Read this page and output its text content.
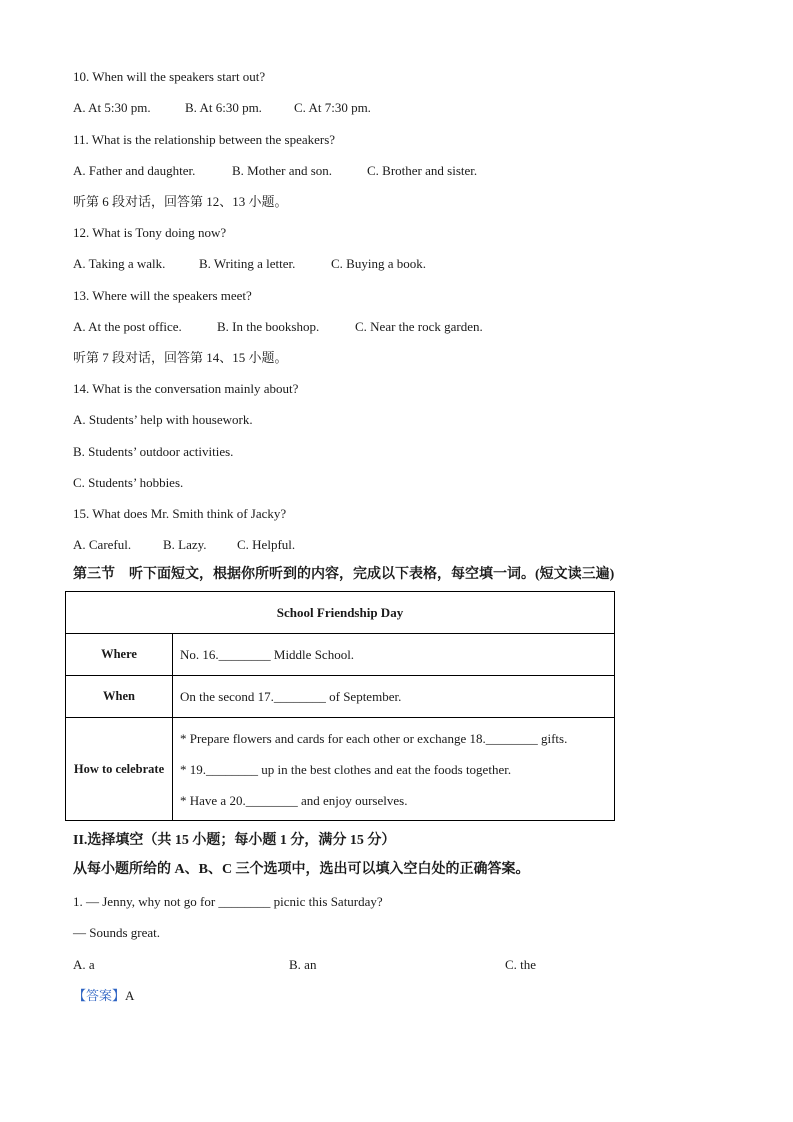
10. When will the speakers start out?
A. At 5:30 pm.	B. At 6:30 pm. C. At 7:30 pm.
11. What is the relationship between the speakers?
A. Father and daughter.	B. Mother and son.	C. Brother and sister.
听第 6 段对话，回答第 12、13 小题。
12. What is Tony doing now?
A. Taking a walk.	B. Writing a letter.	C. Buying a book.
13. Where will the speakers meet?
A. At the post office.	B. In the bookshop.	C. Near the rock garden.
听第 7 段对话，回答第 14、15 小题。
14. What is the conversation mainly about?
A. Students’ help with housework.
B. Students’ outdoor activities.
C. Students’ hobbies.
15. What does Mr. Smith think of Jacky?
A. Careful. B. Lazy. C. Helpful.
第三节　听下面短文，根据你所听到的内容，完成以下表格，每空填一词。(短文读三遍)
School Friendship Day	
Where	No. 16.________ Middle School.
When	On the second 17.________ of September.
How to celebrate	* Prepare flowers and cards for each other or exchange 18.________ gifts.
* 19.________ up in the best clothes and eat the foods together.
* Have a 20.________ and enjoy ourselves.
II.选择填空（共 15 小题；每小题 1 分，满分 15 分）
从每小题所给的 A、B、C 三个选项中，选出可以填入空白处的正确答案。
1. — Jenny, why not go for ________ picnic this Saturday?
— Sounds great.
A. a	B. an	C. the
【答案】A
